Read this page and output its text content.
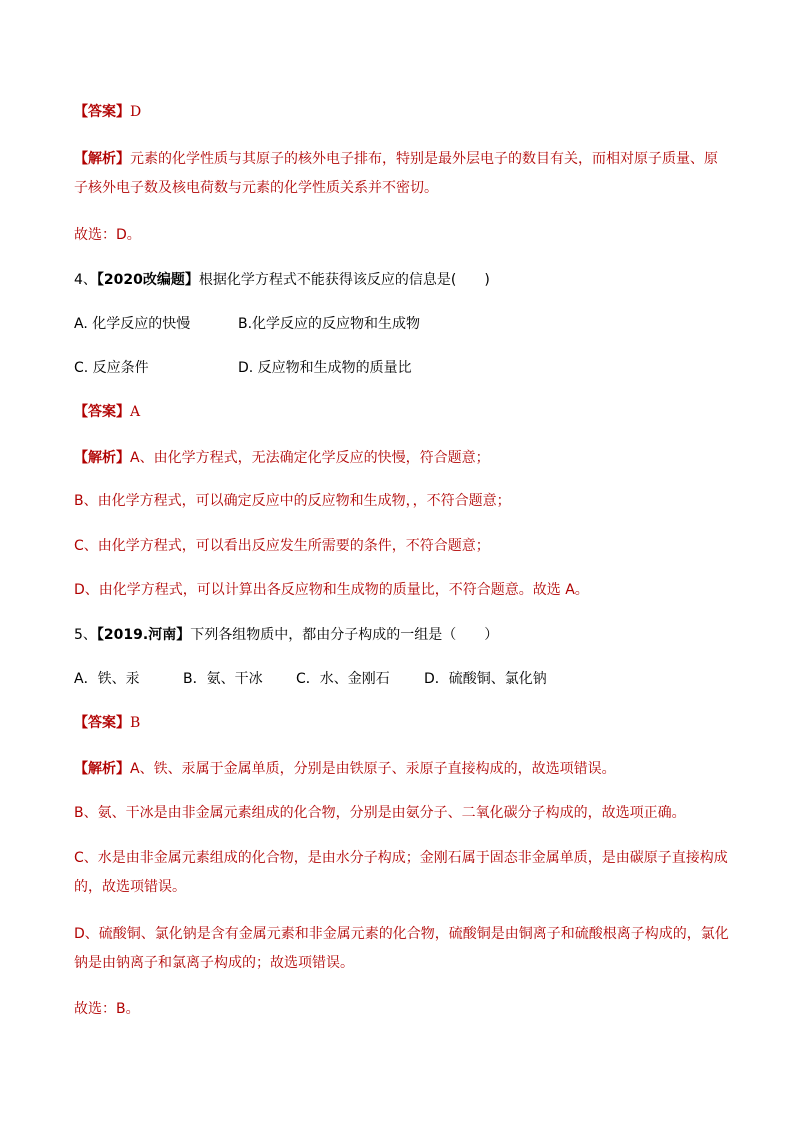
【答案】D
【解析】元素的化学性质与其原子的核外电子排布，特别是最外层电子的数目有关，而相对原子质量、原
子核外电子数及核电荷数与元素的化学性质关系并不密切。
故选：D。
4、【2020改编题】根据化学方程式不能获得该反应的信息是(　　)
A. 化学反应的快慢	B.化学反应的反应物和生成物
C. 反应条件	D. 反应物和生成物的质量比
【答案】A
【解析】A、由化学方程式，无法确定化学反应的快慢，符合题意；
B、由化学方程式，可以确定反应中的反应物和生成物，，不符合题意；
C、由化学方程式，可以看出反应发生所需要的条件，不符合题意；
D、由化学方程式，可以计算出各反应物和生成物的质量比，不符合题意。故选 A。
5、【2019.河南】下列各组物质中，都由分子构成的一组是（　　）
A．铁、汞	B．氨、干冰 C．水、金刚石 D．硫酸铜、氯化钠
【答案】B
【解析】A、铁、汞属于金属单质，分别是由铁原子、汞原子直接构成的，故选项错误。
B、氨、干冰是由非金属元素组成的化合物，分别是由氨分子、二氧化碳分子构成的，故选项正确。
C、水是由非金属元素组成的化合物，是由水分子构成；金刚石属于固态非金属单质，是由碳原子直接构成
的，故选项错误。
D、硫酸铜、氯化钠是含有金属元素和非金属元素的化合物，硫酸铜是由铜离子和硫酸根离子构成的，氯化
钠是由钠离子和氯离子构成的；故选项错误。
故选：B。
